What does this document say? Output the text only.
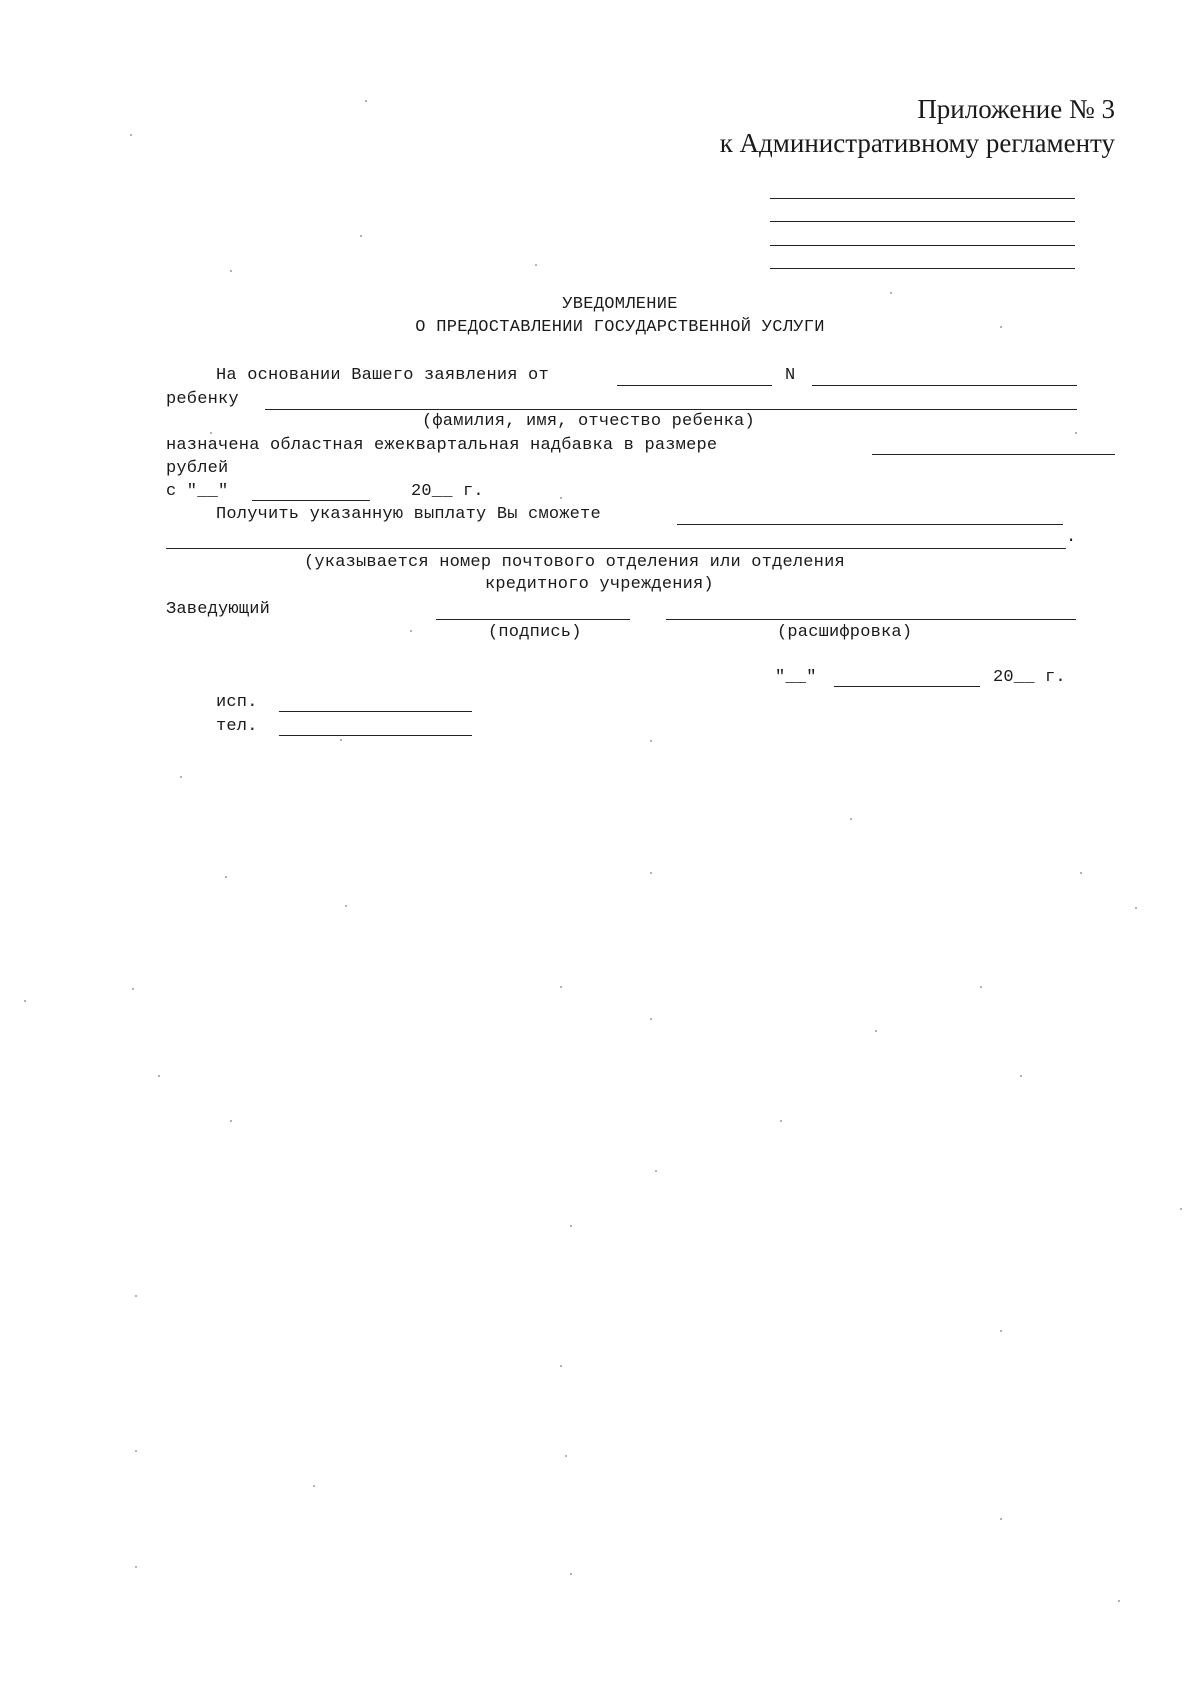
Приложение № 3
к Административному регламенту
УВЕДОМЛЕНИЕ
О ПРЕДОСТАВЛЕНИИ ГОСУДАРСТВЕННОЙ УСЛУГИ
На основании Вашего заявления от	N
ребенку
(фамилия, имя, отчество ребенка)
назначена областная ежеквартальная надбавка в размере
рублей
с "__"	20__ г.
Получить указанную выплату Вы сможете
.
(указывается номер почтового отделения или отделения
кредитного учреждения)
Заведующий
(подпись)	(расшифровка)
"__"	20__ г.
исп.
тел.
